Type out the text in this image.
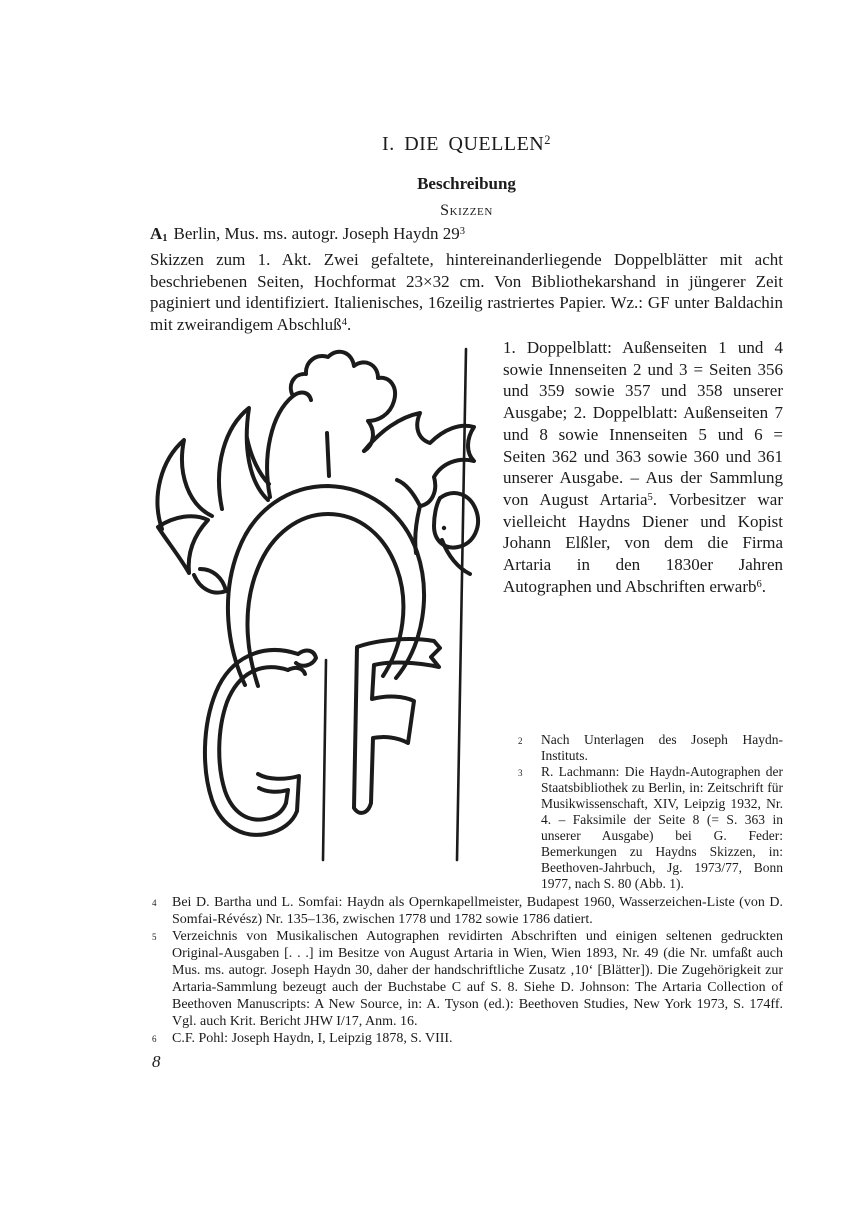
I. DIE QUELLEN$^2$
Beschreibung
Skizzen
$A_1$ Berlin, Mus. ms. autogr. Joseph Haydn 29$^3$
Skizzen zum 1. Akt. Zwei gefaltete, hintereinanderliegende Doppelblätter mit acht beschriebenen Seiten, Hochformat 23×32 cm. Von Bibliothekarshand in jüngerer Zeit paginiert und identifiziert. Italienisches, 16zeilig rastriertes Papier. Wz.: GF unter Baldachin mit zweirandigem Abschluß$^4$.
1. Doppelblatt: Außenseiten 1 und 4 sowie Innenseiten 2 und 3 = Seiten 356 und 359 sowie 357 und 358 unserer Ausgabe; 2. Doppelblatt: Außenseiten 7 und 8 sowie Innenseiten 5 und 6 = Seiten 362 und 363 sowie 360 und 361 unserer Ausgabe. – Aus der Sammlung von August Artaria$^5$. Vorbesitzer war vielleicht Haydns Diener und Kopist Johann Elßler, von dem die Firma Artaria in den 1830er Jahren Autographen und Abschriften erwarb$^6$.
2	Nach Unterlagen des Joseph Haydn-Instituts.
3	R. Lachmann: Die Haydn-Autographen der Staatsbibliothek zu Berlin, in: Zeitschrift für Musikwissenschaft, XIV, Leipzig 1932, Nr. 4. – Faksimile der Seite 8 (= S. 363 in unserer Ausgabe) bei G. Feder: Bemerkungen zu Haydns Skizzen, in: Beethoven-Jahrbuch, Jg. 1973/77, Bonn 1977, nach S. 80 (Abb. 1).
4	Bei D. Bartha und L. Somfai: Haydn als Opernkapellmeister, Budapest 1960, Wasserzeichen-Liste (von D. Somfai-Révész) Nr. 135–136, zwischen 1778 und 1782 sowie 1786 datiert.
5	Verzeichnis von Musikalischen Autographen revidirten Abschriften und einigen seltenen gedruckten Original-Ausgaben [. . .] im Besitze von August Artaria in Wien, Wien 1893, Nr. 49 (die Nr. umfaßt auch Mus. ms. autogr. Joseph Haydn 30, daher der handschriftliche Zusatz ‚10‘ [Blätter]). Die Zugehörigkeit zur Artaria-Sammlung bezeugt auch der Buchstabe C auf S. 8. Siehe D. Johnson: The Artaria Collection of Beethoven Manuscripts: A New Source, in: A. Tyson (ed.): Beethoven Studies, New York 1973, S. 174ff. Vgl. auch Krit. Bericht JHW I/17, Anm. 16.
6	C.F. Pohl: Joseph Haydn, I, Leipzig 1878, S. VIII.
8
